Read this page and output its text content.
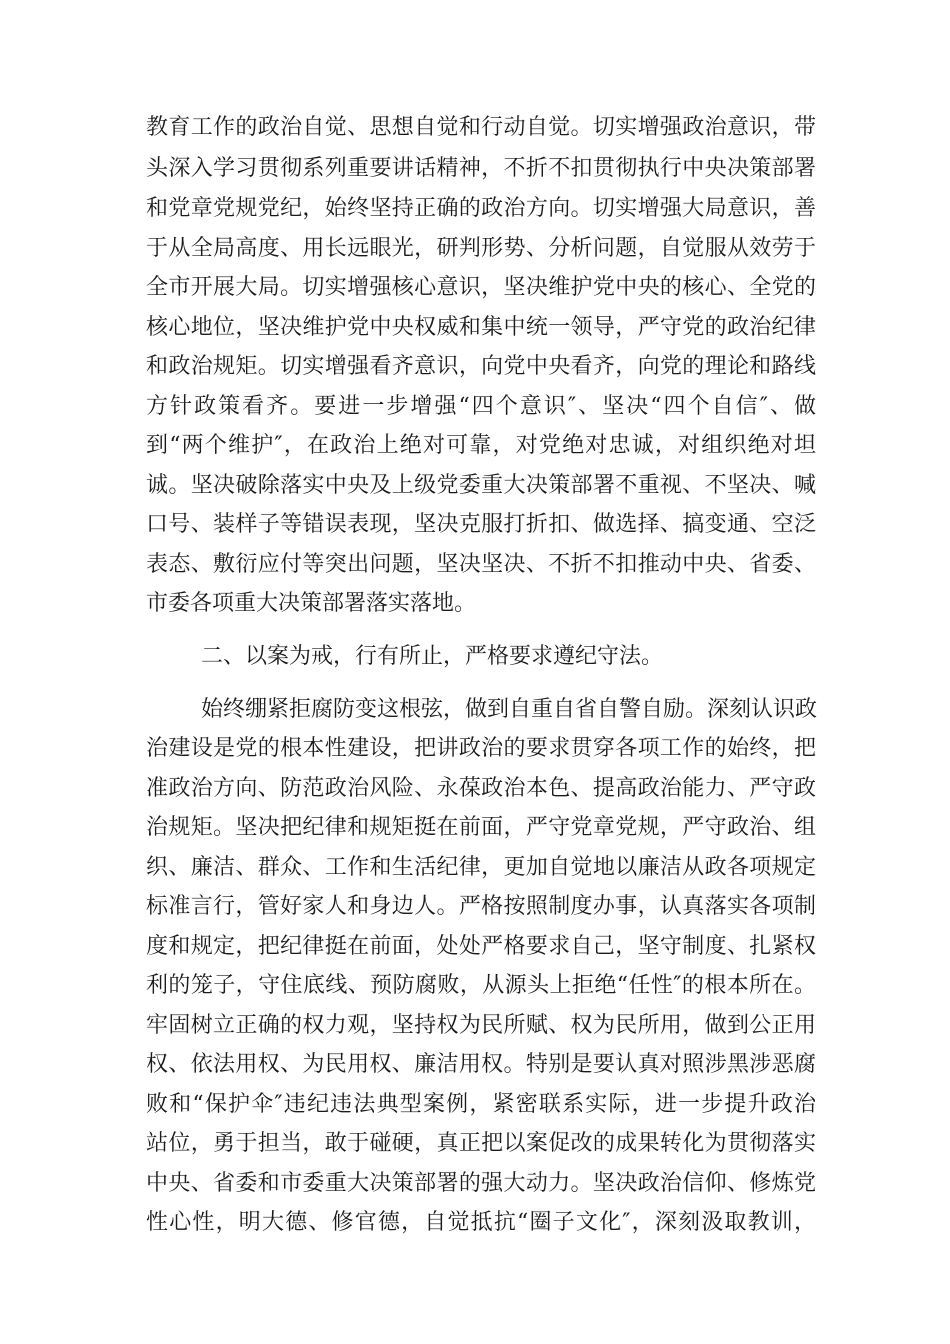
教育工作的政治自觉、思想自觉和行动自觉。切实增强政治意识，带
头深入学习贯彻系列重要讲话精神，不折不扣贯彻执行中央决策部署
和党章党规党纪，始终坚持正确的政治方向。切实增强大局意识，善
于从全局高度、用长远眼光，研判形势、分析问题，自觉服从效劳于
全市开展大局。切实增强核心意识，坚决维护党中央的核心、全党的
核心地位，坚决维护党中央权威和集中统一领导，严守党的政治纪律
和政治规矩。切实增强看齐意识，向党中央看齐，向党的理论和路线
方针政策看齐。要进一步增强“四个意识″、坚决“四个自信″、做
到“两个维护″，在政治上绝对可靠，对党绝对忠诚，对组织绝对坦
诚。坚决破除落实中央及上级党委重大决策部署不重视、不坚决、喊
口号、装样子等错误表现，坚决克服打折扣、做选择、搞变通、空泛
表态、敷衍应付等突出问题，坚决坚决、不折不扣推动中央、省委、
市委各项重大决策部署落实落地。
二、以案为戒，行有所止，严格要求遵纪守法。
始终绷紧拒腐防变这根弦，做到自重自省自警自励。深刻认识政
治建设是党的根本性建设，把讲政治的要求贯穿各项工作的始终，把
准政治方向、防范政治风险、永葆政治本色、提高政治能力、严守政
治规矩。坚决把纪律和规矩挺在前面，严守党章党规，严守政治、组
织、廉洁、群众、工作和生活纪律，更加自觉地以廉洁从政各项规定
标准言行，管好家人和身边人。严格按照制度办事，认真落实各项制
度和规定，把纪律挺在前面，处处严格要求自己，坚守制度、扎紧权
利的笼子，守住底线、预防腐败，从源头上拒绝“任性″的根本所在。
牢固树立正确的权力观，坚持权为民所赋、权为民所用，做到公正用
权、依法用权、为民用权、廉洁用权。特别是要认真对照涉黑涉恶腐
败和“保护伞″违纪违法典型案例，紧密联系实际，进一步提升政治
站位，勇于担当，敢于碰硬，真正把以案促改的成果转化为贯彻落实
中央、省委和市委重大决策部署的强大动力。坚决政治信仰、修炼党
性心性，明大德、修官德，自觉抵抗“圈子文化″，深刻汲取教训，
